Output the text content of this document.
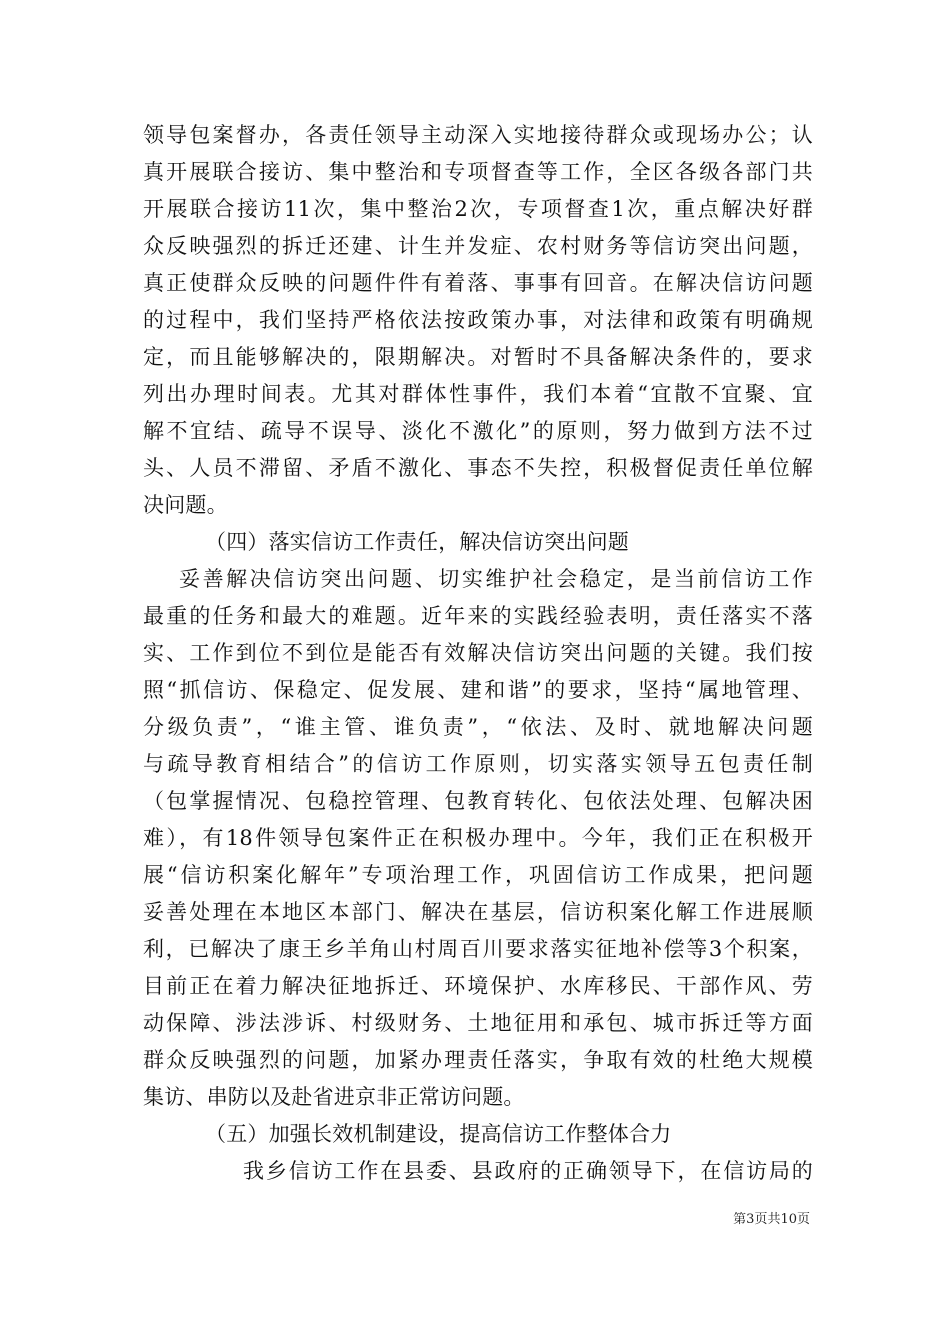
领导包案督办，各责任领导主动深入实地接待群众或现场办公；认
真开展联合接访、集中整治和专项督查等工作，全区各级各部门共
开展联合接访11次，集中整治2次，专项督查1次，重点解决好群
众反映强烈的拆迁还建、计生并发症、农村财务等信访突出问题，
真正使群众反映的问题件件有着落、事事有回音。在解决信访问题
的过程中，我们坚持严格依法按政策办事，对法律和政策有明确规
定，而且能够解决的，限期解决。对暂时不具备解决条件的，要求
列出办理时间表。尤其对群体性事件，我们本着“宜散不宜聚、宜
解不宜结、疏导不误导、淡化不激化”的原则，努力做到方法不过
头、人员不滞留、矛盾不激化、事态不失控，积极督促责任单位解
决问题。
（四）落实信访工作责任，解决信访突出问题
妥善解决信访突出问题、切实维护社会稳定，是当前信访工作
最重的任务和最大的难题。近年来的实践经验表明，责任落实不落
实、工作到位不到位是能否有效解决信访突出问题的关键。我们按
照“抓信访、保稳定、促发展、建和谐”的要求，坚持“属地管理、
分级负责”，“谁主管、谁负责”，“依法、及时、就地解决问题
与疏导教育相结合”的信访工作原则，切实落实领导五包责任制
（包掌握情况、包稳控管理、包教育转化、包依法处理、包解决困
难），有18件领导包案件正在积极办理中。今年，我们正在积极开
展“信访积案化解年”专项治理工作，巩固信访工作成果，把问题
妥善处理在本地区本部门、解决在基层，信访积案化解工作进展顺
利，已解决了康王乡羊角山村周百川要求落实征地补偿等3个积案，
目前正在着力解决征地拆迁、环境保护、水库移民、干部作风、劳
动保障、涉法涉诉、村级财务、土地征用和承包、城市拆迁等方面
群众反映强烈的问题，加紧办理责任落实，争取有效的杜绝大规模
集访、串防以及赴省进京非正常访问题。
（五）加强长效机制建设，提高信访工作整体合力
我乡信访工作在县委、县政府的正确领导下，在信访局的
第3页共10页
